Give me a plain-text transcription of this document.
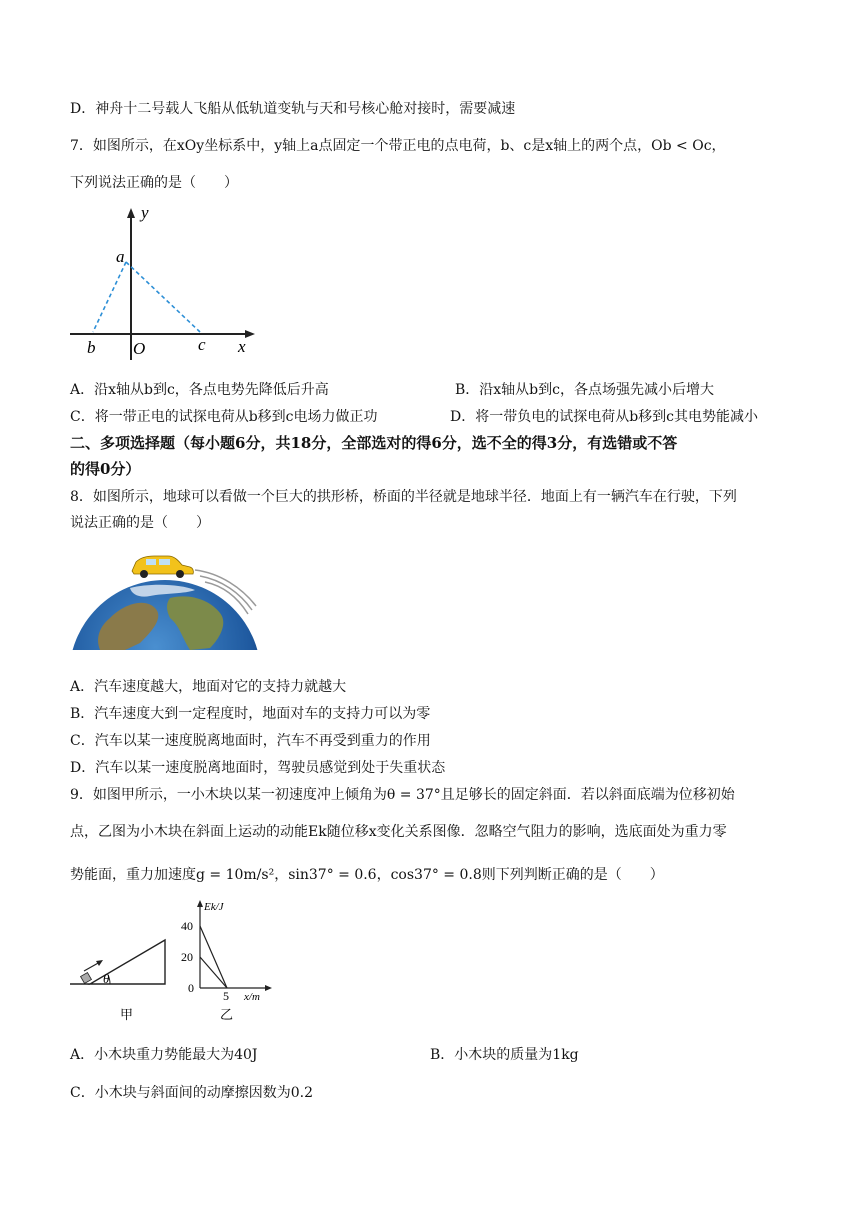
D．神舟十二号载人飞船从低轨道变轨与天和号核心舱对接时，需要减速
7．如图所示，在xOy坐标系中，y轴上a点固定一个带正电的点电荷，b、c是x轴上的两个点，Ob < Oc，
下列说法正确的是（　　）
y
a
b O	c x
A．沿x轴从b到c，各点电势先降低后升高	B．沿x轴从b到c，各点场强先减小后增大
C．将一带正电的试探电荷从b移到c电场力做正功	D．将一带负电的试探电荷从b移到c其电势能减小
二、多项选择题（每小题6分，共18分，全部选对的得6分，选不全的得3分，有选错或不答
的得0分）
8．如图所示，地球可以看做一个巨大的拱形桥，桥面的半径就是地球半径．地面上有一辆汽车在行驶，下列
说法正确的是（　　）
A．汽车速度越大，地面对它的支持力就越大
B．汽车速度大到一定程度时，地面对车的支持力可以为零
C．汽车以某一速度脱离地面时，汽车不再受到重力的作用
D．汽车以某一速度脱离地面时，驾驶员感觉到处于失重状态
9．如图甲所示，一小木块以某一初速度冲上倾角为θ = 37°且足够长的固定斜面．若以斜面底端为位移初始
点，乙图为小木块在斜面上运动的动能Ek随位移x变化关系图像．忽略空气阻力的影响，选底面处为重力零
势能面，重力加速度g = 10m/s²，sin37° = 0.6，cos37° = 0.8则下列判断正确的是（　　）
θ
甲
Ek/J
40
20
0
5 x/m
乙
A．小木块重力势能最大为40J	B．小木块的质量为1kg
C．小木块与斜面间的动摩擦因数为0.2
